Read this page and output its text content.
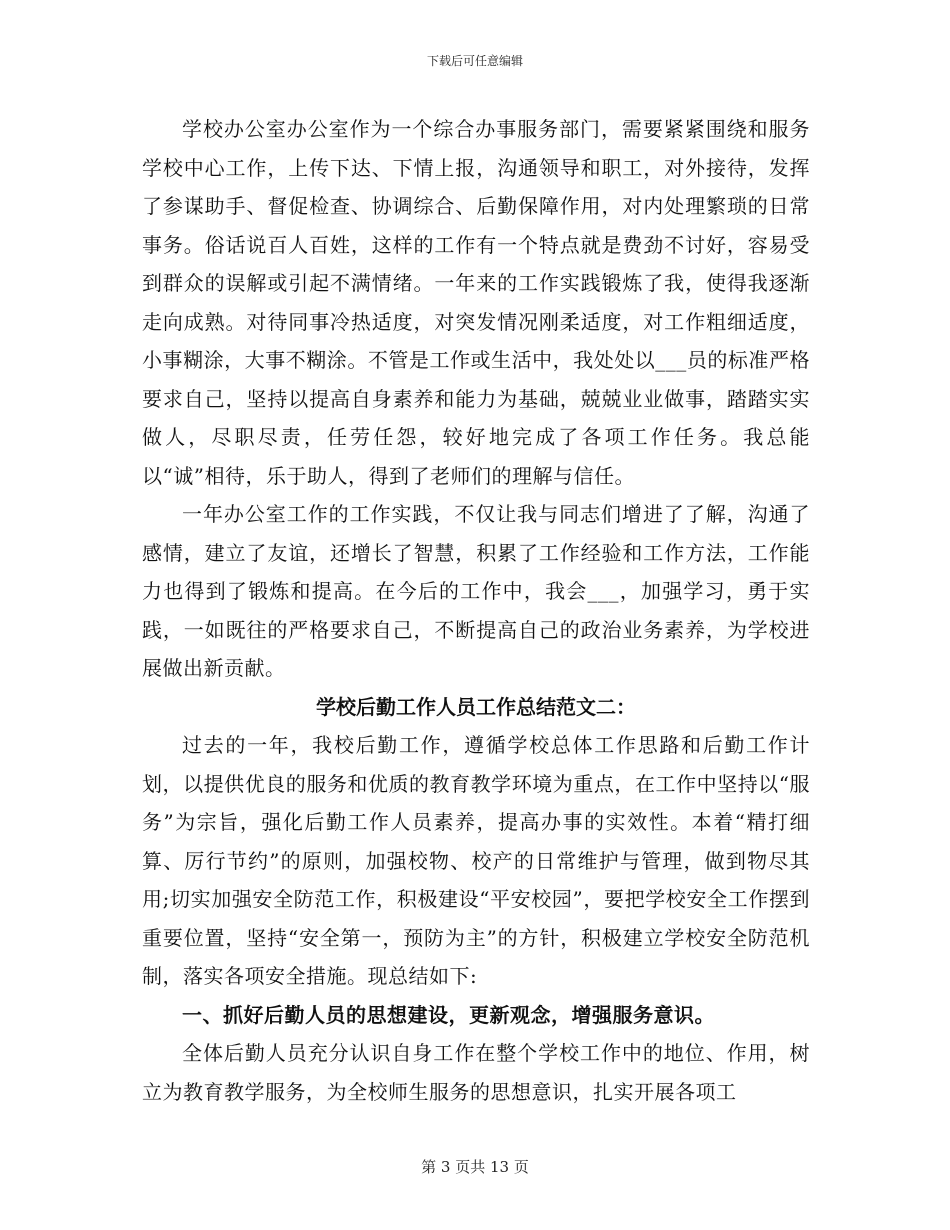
下载后可任意编辑

学校办公室办公室作为一个综合办事服务部门，需要紧紧围绕和服务学校中心工作，上传下达、下情上报，沟通领导和职工，对外接待，发挥了参谋助手、督促检查、协调综合、后勤保障作用，对内处理繁琐的日常事务。俗话说百人百姓，这样的工作有一个特点就是费劲不讨好，容易受到群众的误解或引起不满情绪。一年来的工作实践锻炼了我，使得我逐渐走向成熟。对待同事冷热适度，对突发情况刚柔适度，对工作粗细适度，小事糊涂，大事不糊涂。不管是工作或生活中，我处处以___员的标准严格要求自己，坚持以提高自身素养和能力为基础，兢兢业业做事，踏踏实实做人，尽职尽责，任劳任怨，较好地完成了各项工作任务。我总能以“诚”相待，乐于助人，得到了老师们的理解与信任。

一年办公室工作的工作实践，不仅让我与同志们增进了了解，沟通了感情，建立了友谊，还增长了智慧，积累了工作经验和工作方法，工作能力也得到了锻炼和提高。在今后的工作中，我会___，加强学习，勇于实践，一如既往的严格要求自己，不断提高自己的政治业务素养，为学校进展做出新贡献。

学校后勤工作人员工作总结范文二：

过去的一年，我校后勤工作，遵循学校总体工作思路和后勤工作计划，以提供优良的服务和优质的教育教学环境为重点，在工作中坚持以“服务”为宗旨，强化后勤工作人员素养，提高办事的实效性。本着“精打细算、厉行节约”的原则，加强校物、校产的日常维护与管理，做到物尽其用;切实加强安全防范工作，积极建设“平安校园”，要把学校安全工作摆到重要位置，坚持“安全第一，预防为主”的方针，积极建立学校安全防范机制，落实各项安全措施。现总结如下:

一、抓好后勤人员的思想建设，更新观念，增强服务意识。

全体后勤人员充分认识自身工作在整个学校工作中的地位、作用，树立为教育教学服务，为全校师生服务的思想意识，扎实开展各项工

第 3 页共 13 页
